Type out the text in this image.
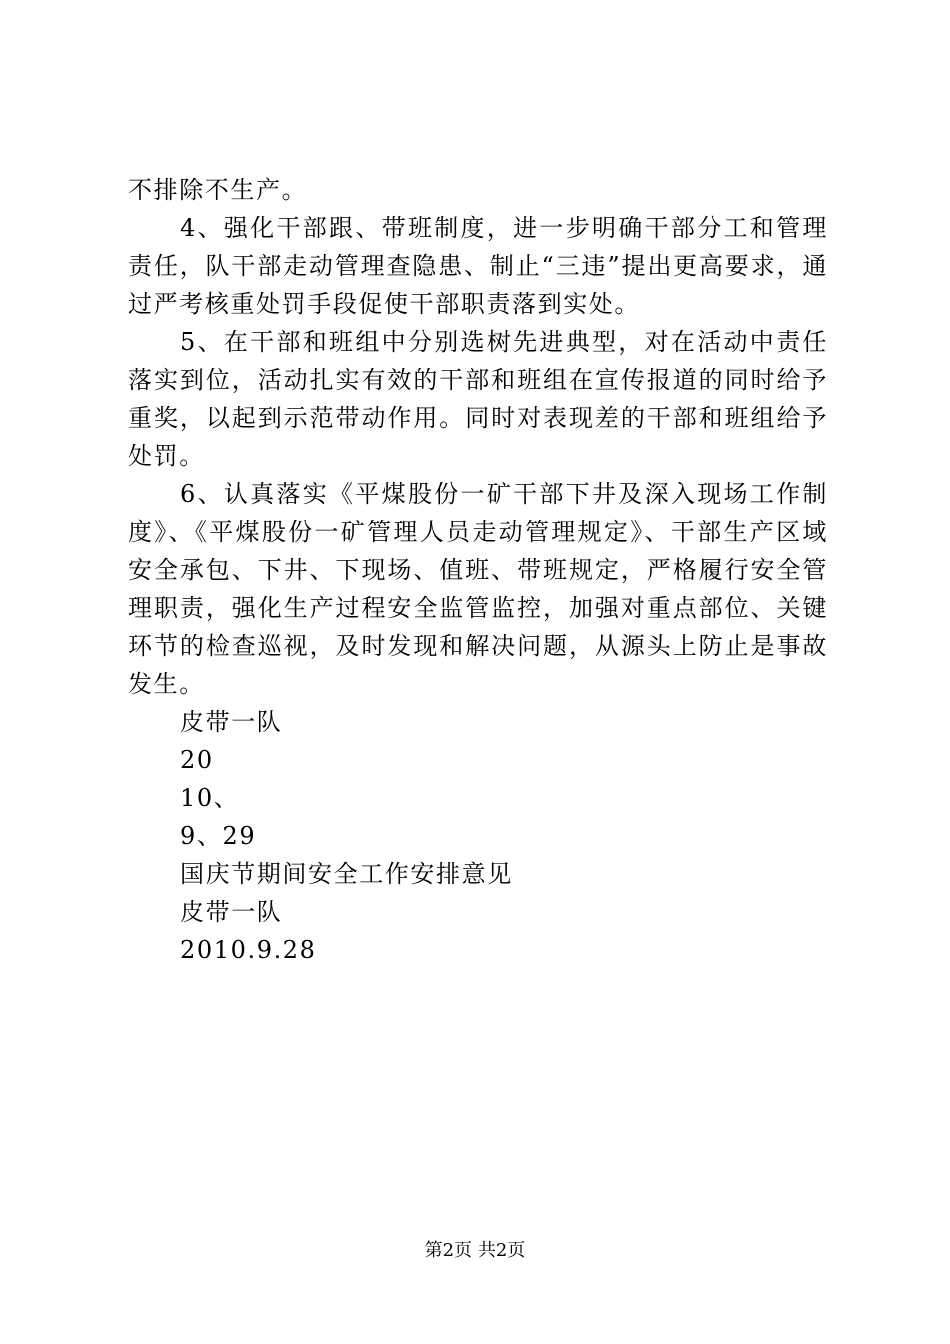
不排除不生产。

4、强化干部跟、带班制度，进一步明确干部分工和管理责任，队干部走动管理查隐患、制止“三违”提出更高要求，通过严考核重处罚手段促使干部职责落到实处。

5、在干部和班组中分别选树先进典型，对在活动中责任落实到位，活动扎实有效的干部和班组在宣传报道的同时给予重奖，以起到示范带动作用。同时对表现差的干部和班组给予处罚。

6、认真落实《平煤股份一矿干部下井及深入现场工作制度》、《平煤股份一矿管理人员走动管理规定》、干部生产区域安全承包、下井、下现场、值班、带班规定，严格履行安全管理职责，强化生产过程安全监管监控，加强对重点部位、关键环节的检查巡视，及时发现和解决问题，从源头上防止是事故发生。

皮带一队

20

10、

9、29

国庆节期间安全工作安排意见

皮带一队

2010.9.28

第2页 共2页
